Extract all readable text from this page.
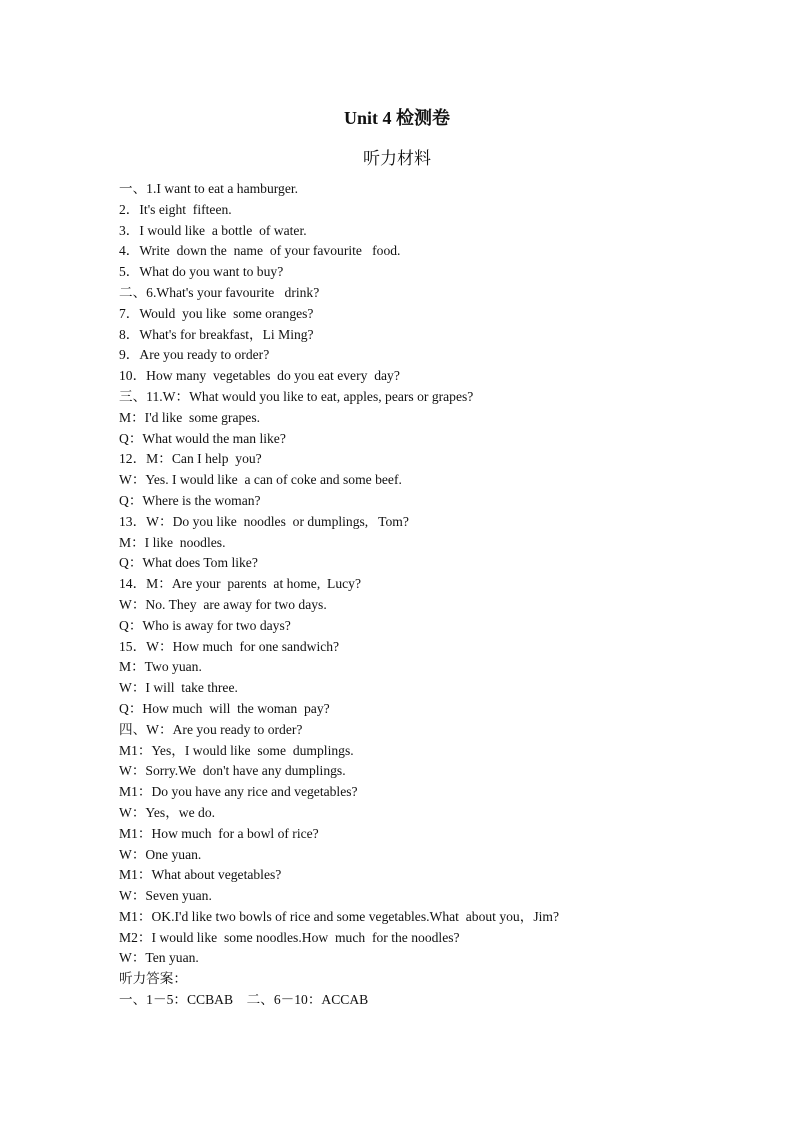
Unit 4 检测卷
听力材料
一、1.I want to eat a hamburger.
2．It's eight  fifteen.
3．I would like  a bottle  of water.
4．Write  down the  name  of your favourite   food.
5．What do you want to buy?
二、6.What's your favourite   drink?
7．Would  you like  some oranges?
8．What's for breakfast，Li Ming?
9．Are you ready to order?
10．How many  vegetables  do you eat every  day?
三、11.W：What would you like to eat, apples, pears or grapes?
M：I'd like  some grapes.
Q：What would the man like?
12．M：Can I help  you?
W：Yes. I would like  a can of coke and some beef.
Q：Where is the woman?
13．W：Do you like  noodles  or dumplings,   Tom?
M：I like  noodles.
Q：What does Tom like?
14．M：Are your  parents  at home,  Lucy?
W：No. They  are away for two days.
Q：Who is away for two days?
15．W：How much  for one sandwich?
M：Two yuan.
W：I will  take three.
Q：How much  will  the woman  pay?
四、W：Are you ready to order?
M1：Yes，I would like  some  dumplings.
W：Sorry.We  don't have any dumplings.
M1：Do you have any rice and vegetables?
W：Yes，we do.
M1：How much  for a bowl of rice?
W：One yuan.
M1：What about vegetables?
W：Seven yuan.
M1：OK.I'd like two bowls of rice and some vegetables.What  about you，Jim?
M2：I would like  some noodles.How  much  for the noodles?
W：Ten yuan.
听力答案：
一、1－5：CCBAB    二、6－10：ACCAB
